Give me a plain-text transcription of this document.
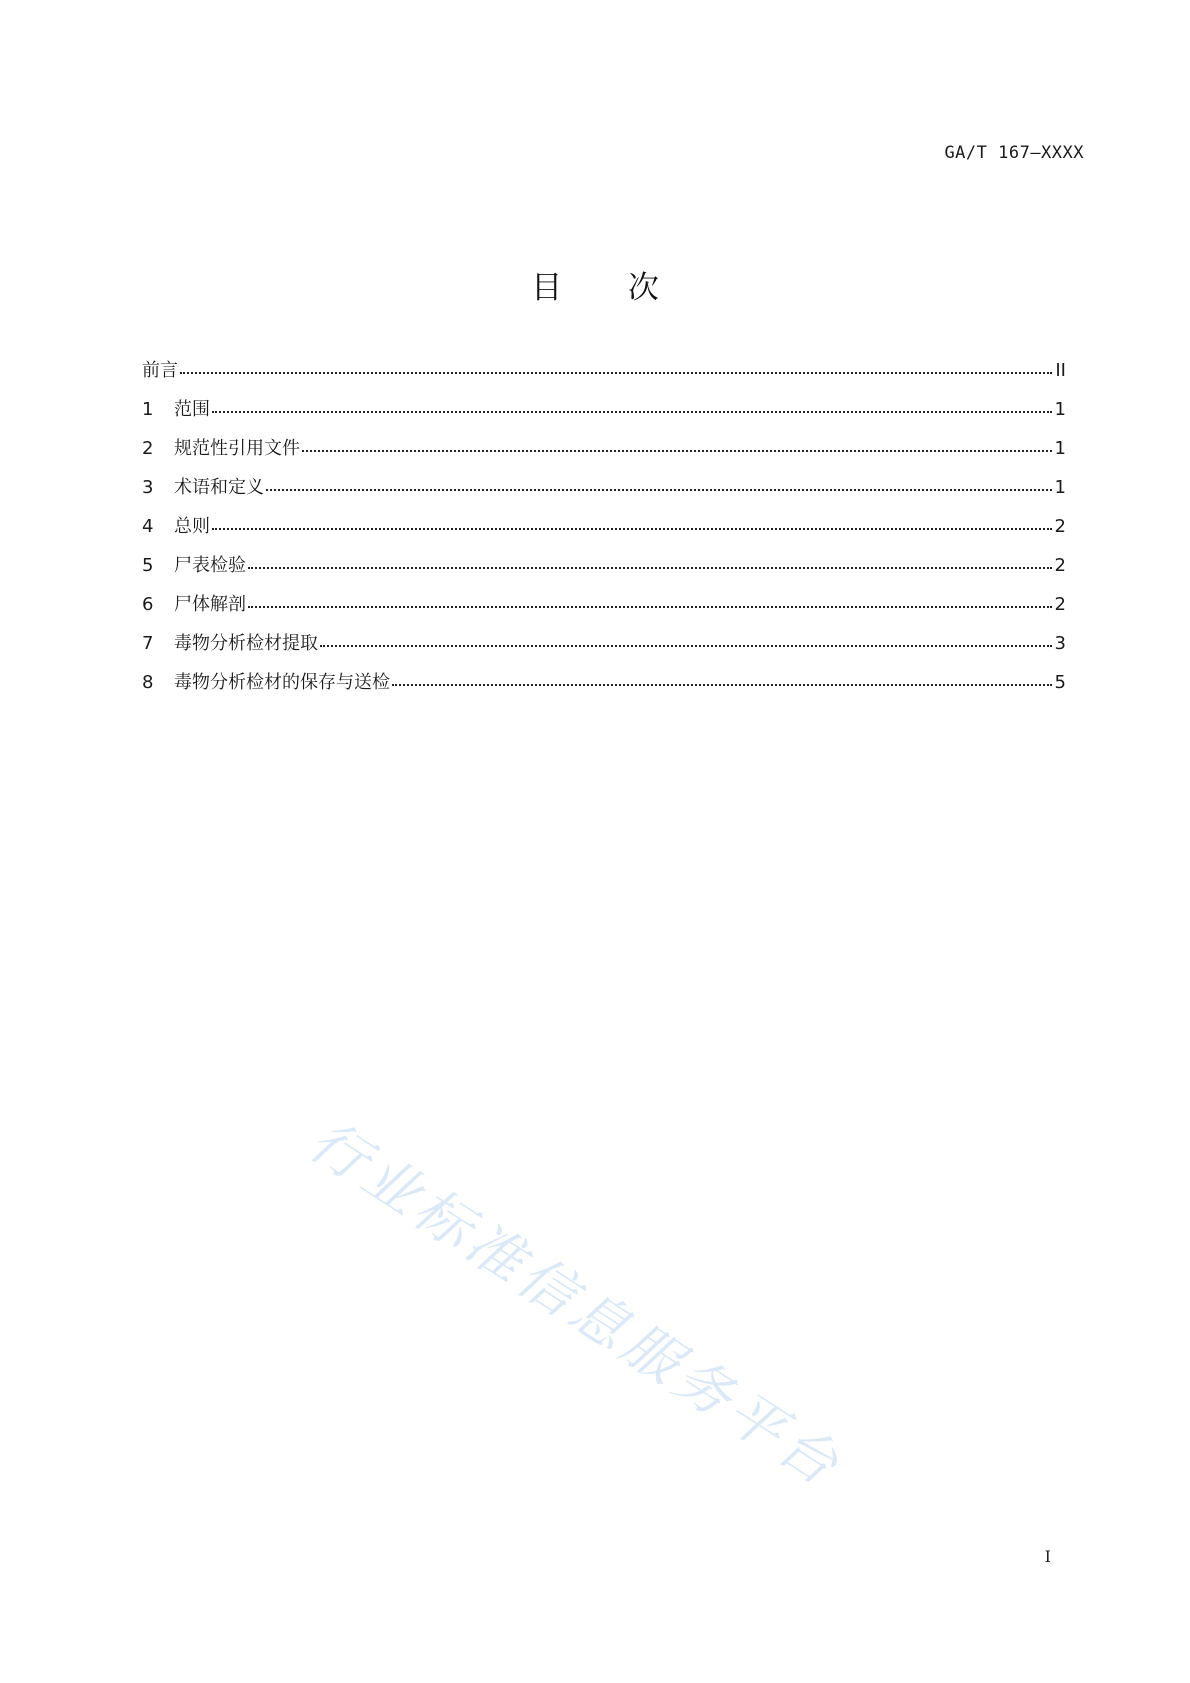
GA/T 167—XXXX
目 次
前言	II
1	范围	1
2	规范性引用文件	1
3	术语和定义	1
4	总则	2
5	尸表检验	2
6	尸体解剖	2
7	毒物分析检材提取	3
8	毒物分析检材的保存与送检	5
行业标准信息服务平台
I
